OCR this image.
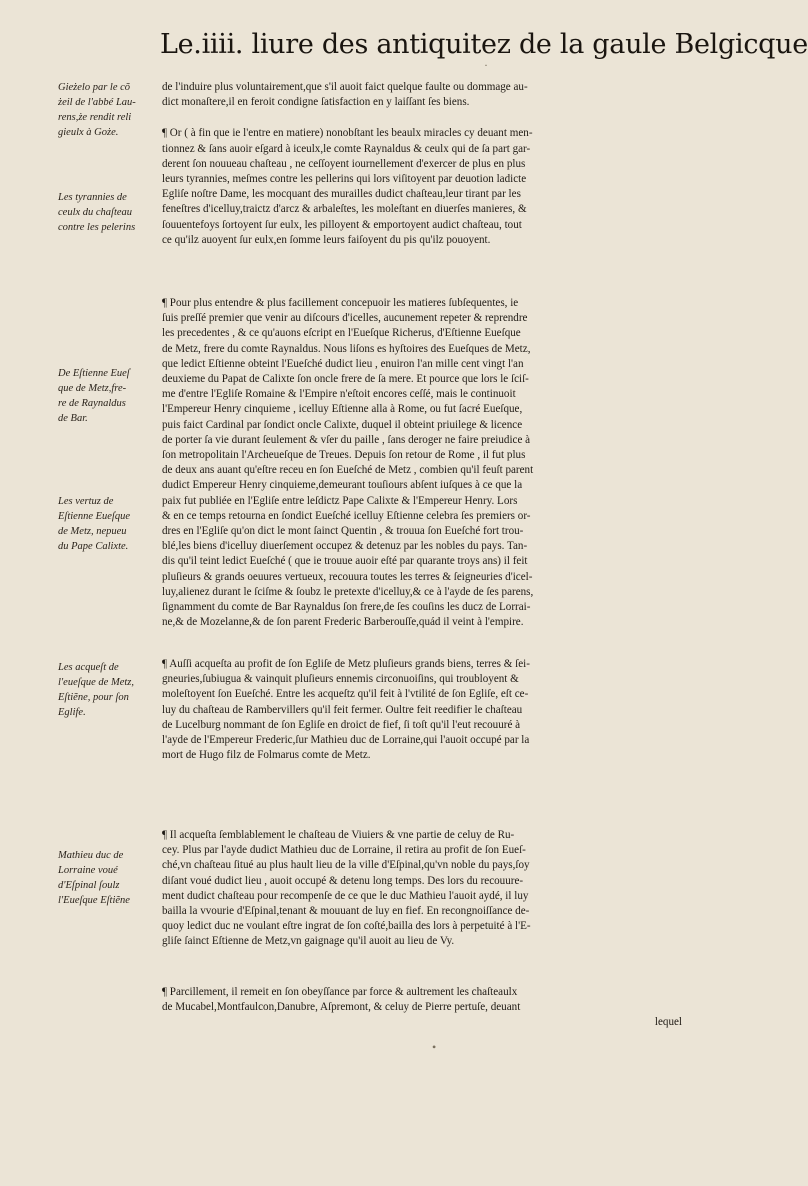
Le.iiii. liure des antiquitez de la gaule Belgicque
Gieżelo par le cõ
żeil de l'abbé Lau-
rens,że rendit reli
gieulx à Goże.
Les tyrannies de
ceulx du chaſteau
contre les pelerins
De Eſtienne Eueſ
que de Metz,fre-
re de Raynaldus
de Bar.
Les vertuz de
Eſtienne Eueſque
de Metz, nepueu
du Pape Calixte.
Les acqueſt de
l'eueſque de Metz,
Eſtiẽne, pour ſon
Eglife.
Mathieu duc de
Lorraine voué
d'Eſpinal ſoulz
l'Eueſque Eſtiẽne
de l'induire plus voluntairement,que s'il auoit faict quelque faulte ou dommage au-
dict monaſtere,il en feroit condigne ſatisfaction en y laiſſant ſes biens.
¶ Or ( à fin que ie l'entre en matiere) nonobſtant les beaulx miracles cy deuant men-
tionnez & ſans auoir eſgard à iceulx,le comte Raynaldus & ceulx qui de ſa part gar-
derent ſon nouueau chaſteau , ne ceſſoyent iournellement d'exercer de plus en plus
leurs tyrannies, meſmes contre les pellerins qui lors viſitoyent par deuotion ladicte
Egliſe noſtre Dame, les mocquant des murailles dudict chaſteau,leur tirant par les
feneſtres d'icelluy,traictz d'arcz & arbaleſtes, les moleſtant en diuerſes manieres, &
ſouuentefoys ſortoyent ſur eulx, les pilloyent & emportoyent audict chaſteau, tout
ce qu'ilz auoyent ſur eulx,en ſomme leurs faiſoyent du pis qu'ilz pouoyent.
¶ Pour plus entendre & plus facillement concepuoir les matieres ſubſequentes, ie
ſuis preſſé premier que venir au diſcours d'icelles, aucunement repeter & reprendre
les precedentes , & ce qu'auons eſcript en l'Eueſque Richerus, d'Eſtienne Eueſque
de Metz, frere du comte Raynaldus. Nous liſons es hyſtoires des Eueſques de Metz,
que ledict Eſtienne obteint l'Eueſché dudict lieu , enuiron l'an mille cent vingt l'an
deuxieme du Papat de Calixte ſon oncle frere de ſa mere. Et pource que lors le ſciſ-
me d'entre l'Egliſe Romaine & l'Empire n'eſtoit encores ceſſé, mais le continuoit
l'Empereur Henry cinquieme , icelluy Eſtienne alla à Rome, ou fut ſacré Eueſque,
puis faict Cardinal par ſondict oncle Calixte, duquel il obteint priuilege & licence
de porter ſa vie durant ſeulement & vſer du paille , ſans deroger ne faire preiudice à
ſon metropolitain l'Archeueſque de Treues. Depuis ſon retour de Rome , il fut plus
de deux ans auant qu'eſtre receu en ſon Eueſché de Metz , combien qu'il feuſt parent
dudict Empereur Henry cinquieme,demeurant touſiours abſent iuſques à ce que la
paix fut publiée en l'Egliſe entre leſdictz Pape Calixte & l'Empereur Henry. Lors
& en ce temps retourna en ſondict Eueſché icelluy Eſtienne celebra ſes premiers or-
dres en l'Egliſe qu'on dict le mont ſainct Quentin , & trouua ſon Eueſché fort trou-
blé,les biens d'icelluy diuerſement occupez & detenuz par les nobles du pays. Tan-
dis qu'il teint ledict Eueſché ( que ie trouue auoir eſté par quarante troys ans) il feit
pluſieurs & grands oeuures vertueux, recouura toutes les terres & ſeigneuries d'icel-
luy,alienez durant le ſciſme & ſoubz le pretexte d'icelluy,& ce à l'ayde de ſes parens,
ſignamment du comte de Bar Raynaldus ſon frere,de ſes couſins les ducz de Lorrai-
ne,& de Mozelanne,& de ſon parent Frederic Barberouſſe,quád il veint à l'empire.
¶ Auſſi acqueſta au profit de ſon Egliſe de Metz pluſieurs grands biens, terres & ſei-
gneuries,ſubiugua & vainquit pluſieurs ennemis circonuoiſins, qui troubloyent &
moleſtoyent ſon Eueſché. Entre les acqueſtz qu'il feit à l'vtilité de ſon Egliſe, eſt ce-
luy du chaſteau de Rambervillers qu'il feit fermer. Oultre feit reedifier le chaſteau
de Lucelburg nommant de ſon Egliſe en droict de fief, ſi toſt qu'il l'eut recouuré à
l'ayde de l'Empereur Frederic,ſur Mathieu duc de Lorraine,qui l'auoit occupé par la
mort de Hugo filz de Folmarus comte de Metz.
¶ Il acqueſta ſemblablement le chaſteau de Viuiers & vne partie de celuy de Ru-
cey. Plus par l'ayde dudict Mathieu duc de Lorraine, il retira au profit de ſon Eueſ-
ché,vn chaſteau ſitué au plus hault lieu de la ville d'Eſpinal,qu'vn noble du pays,ſoy
diſant voué dudict lieu , auoit occupé & detenu long temps. Des lors du recouure-
ment dudict chaſteau pour recompenſe de ce que le duc Mathieu l'auoit aydé, il luy
bailla la vvourie d'Eſpinal,tenant & mouuant de luy en fief. En recongnoiſſance de-
quoy ledict duc ne voulant eſtre ingrat de ſon coſté,bailla des lors à perpetuité à l'E-
gliſe ſainct Eſtienne de Metz,vn gaignage qu'il auoit au lieu de Vy.
¶ Parcillement, il remeit en ſon obeyſſance par force & aultrement les chaſteaulx
de Mucabel,Montfaulcon,Danubre, Aſpremont, & celuy de Pierre pertuſe, deuant
lequel
•
·
